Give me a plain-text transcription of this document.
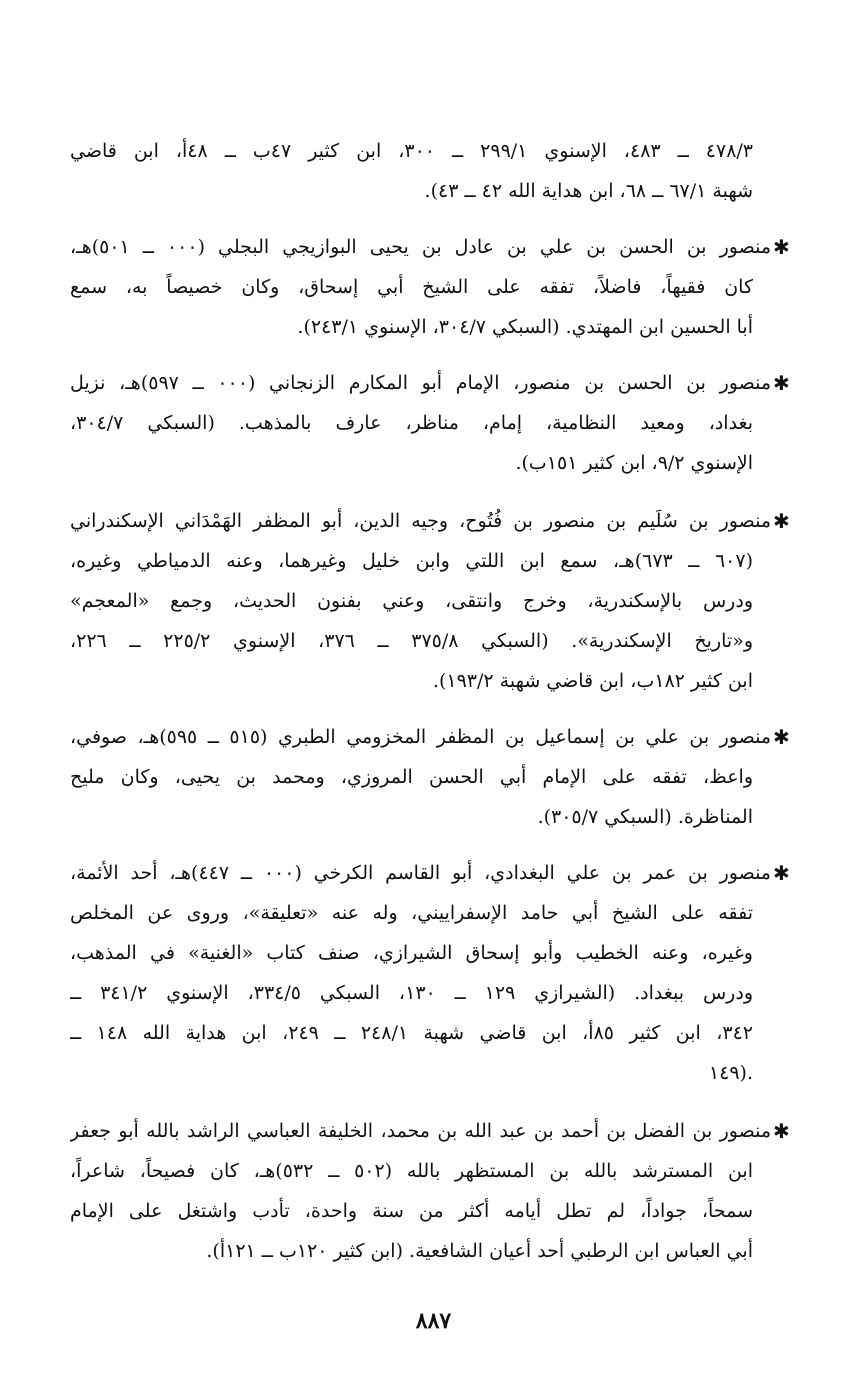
٤٧٨/٣ ــ ٤٨٣، الإسنوي ٢٩٩/١ ــ ٣٠٠، ابن كثير ٤٧ب ــ ٤٨أ، ابن قاضي
شهبة ٦٧/١ ــ ٦٨، ابن هداية الله ٤٢ ــ ٤٣).
✱
منصور بن الحسن بن علي بن عادل بن يحيى البوازيجي البجلي (٠٠٠ ــ ٥٠١)هـ،
كان فقيهاً، فاضلاً، تفقه على الشيخ أبي إسحاق، وكان خصيصاً به، سمع
أبا الحسين ابن المهتدي. (السبكي ٣٠٤/٧، الإسنوي ٢٤٣/١).
✱
منصور بن الحسن بن منصور، الإمام أبو المكارم الزنجاني (٠٠٠ ــ ٥٩٧)هـ، نزيل
بغداد، ومعيد النظامية، إمام، مناظر، عارف بالمذهب. (السبكي ٣٠٤/٧،
الإسنوي ٩/٢، ابن كثير ١٥١ب).
✱
منصور بن سُلَيم بن منصور بن فُتُوح، وجيه الدين، أبو المظفر الهَمْدَاني الإسكندراني
(٦٠٧ ــ ٦٧٣)هـ، سمع ابن اللتي وابن خليل وغيرهما، وعنه الدمياطي وغيره،
ودرس بالإسكندرية، وخرج وانتقى، وعني بفنون الحديث، وجمع «المعجم»
و«تاريخ الإسكندرية». (السبكي ٣٧٥/٨ ــ ٣٧٦، الإسنوي ٢٢٥/٢ ــ ٢٢٦،
ابن كثير ١٨٢ب، ابن قاضي شهبة ١٩٣/٢).
✱
منصور بن علي بن إسماعيل بن المظفر المخزومي الطبري (٥١٥ ــ ٥٩٥)هـ، صوفي،
واعظ، تفقه على الإمام أبي الحسن المروزي، ومحمد بن يحيى، وكان مليح
المناظرة. (السبكي ٣٠٥/٧).
✱
منصور بن عمر بن علي البغدادي، أبو القاسم الكرخي (٠٠٠ ــ ٤٤٧)هـ، أحد الأئمة،
تفقه على الشيخ أبي حامد الإسفراييني، وله عنه «تعليقة»، وروى عن المخلص
وغيره، وعنه الخطيب وأبو إسحاق الشيرازي، صنف كتاب «الغنية» في المذهب،
ودرس ببغداد. (الشيرازي ١٢٩ ــ ١٣٠، السبكي ٣٣٤/٥، الإسنوي ٣٤١/٢ ــ
٣٤٢، ابن كثير ٨٥أ، ابن قاضي شهبة ٢٤٨/١ ــ ٢٤٩، ابن هداية الله ١٤٨ ــ
١٤٩).
✱
منصور بن الفضل بن أحمد بن عبد الله بن محمد، الخليفة العباسي الراشد بالله أبو جعفر
ابن المسترشد بالله بن المستظهر بالله (٥٠٢ ــ ٥٣٢)هـ، كان فصيحاً، شاعراً،
سمحاً، جواداً، لم تطل أيامه أكثر من سنة واحدة، تأدب واشتغل على الإمام
أبي العباس ابن الرطبي أحد أعيان الشافعية. (ابن كثير ١٢٠ب ــ ١٢١أ).
٨٨٧
